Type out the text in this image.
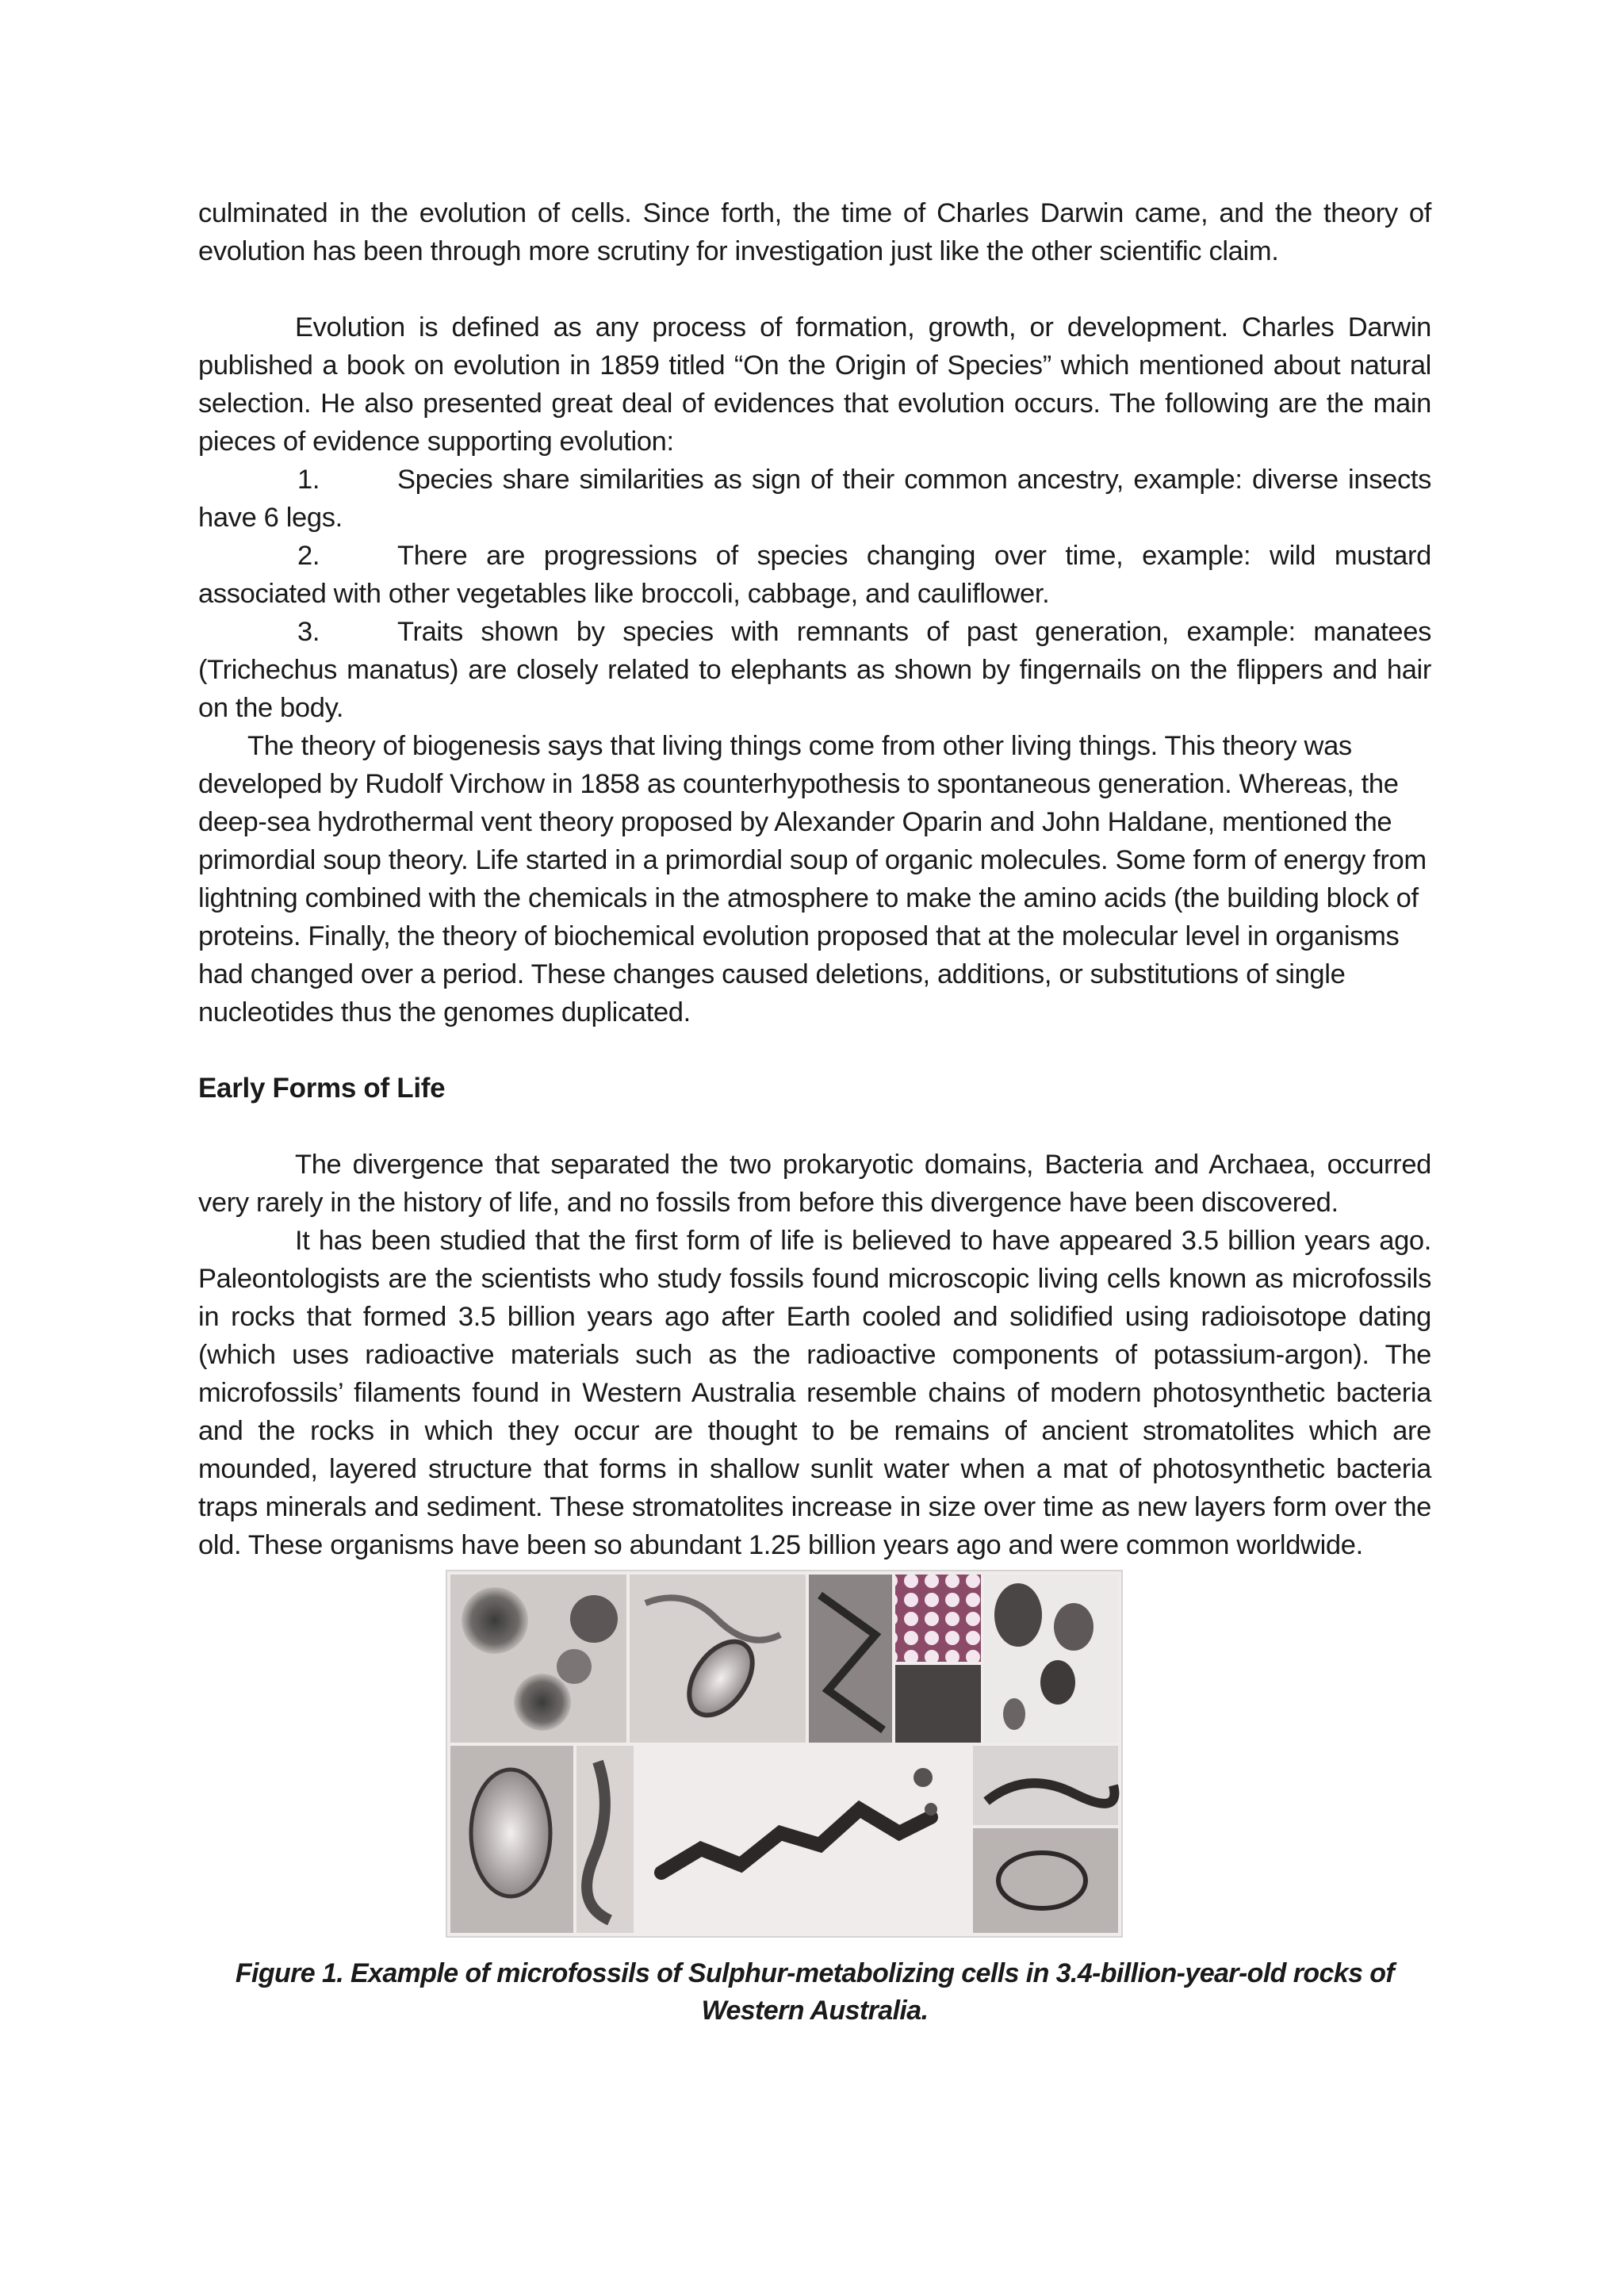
culminated in the evolution of cells. Since forth, the time of Charles Darwin came, and the theory of evolution has been through more scrutiny for investigation just like the other scientific claim.

Evolution is defined as any process of formation, growth, or development. Charles Darwin published a book on evolution in 1859 titled “On the Origin of Species” which mentioned about natural selection. He also presented great deal of evidences that evolution occurs. The following are the main pieces of evidence supporting evolution:

1.	Species share similarities as sign of their common ancestry, example: diverse insects have 6 legs.

2.	There are progressions of species changing over time, example: wild mustard associated with other vegetables like broccoli, cabbage, and cauliflower.

3.	Traits shown by species with remnants of past generation, example: manatees (Trichechus manatus) are closely related to elephants as shown by fingernails on the flippers and hair on the body.

The theory of biogenesis says that living things come from other living things. This theory was developed by Rudolf Virchow in 1858 as counterhypothesis to spontaneous generation. Whereas, the deep-sea hydrothermal vent theory proposed by Alexander Oparin and John Haldane, mentioned the primordial soup theory. Life started in a primordial soup of organic molecules. Some form of energy from lightning combined with the chemicals in the atmosphere to make the amino acids (the building block of proteins. Finally, the theory of biochemical evolution proposed that at the molecular level in organisms had changed over a period. These changes caused deletions, additions, or substitutions of single nucleotides thus the genomes duplicated.

Early Forms of Life

The divergence that separated the two prokaryotic domains, Bacteria and Archaea, occurred very rarely in the history of life, and no fossils from before this divergence have been discovered.

It has been studied that the first form of life is believed to have appeared 3.5 billion years ago. Paleontologists are the scientists who study fossils found microscopic living cells known as microfossils in rocks that formed 3.5 billion years ago after Earth cooled and solidified using radioisotope dating (which uses radioactive materials such as the radioactive components of potassium-argon). The microfossils’ filaments found in Western Australia resemble chains of modern photosynthetic bacteria and the rocks in which they occur are thought to be remains of ancient stromatolites which are mounded, layered structure that forms in shallow sunlit water when a mat of photosynthetic bacteria traps minerals and sediment. These stromatolites increase in size over time as new layers form over the old. These organisms have been so abundant 1.25 billion years ago and were common worldwide.

Figure 1. Example of microfossils of Sulphur-metabolizing cells in 3.4-billion-year-old rocks of Western Australia.
